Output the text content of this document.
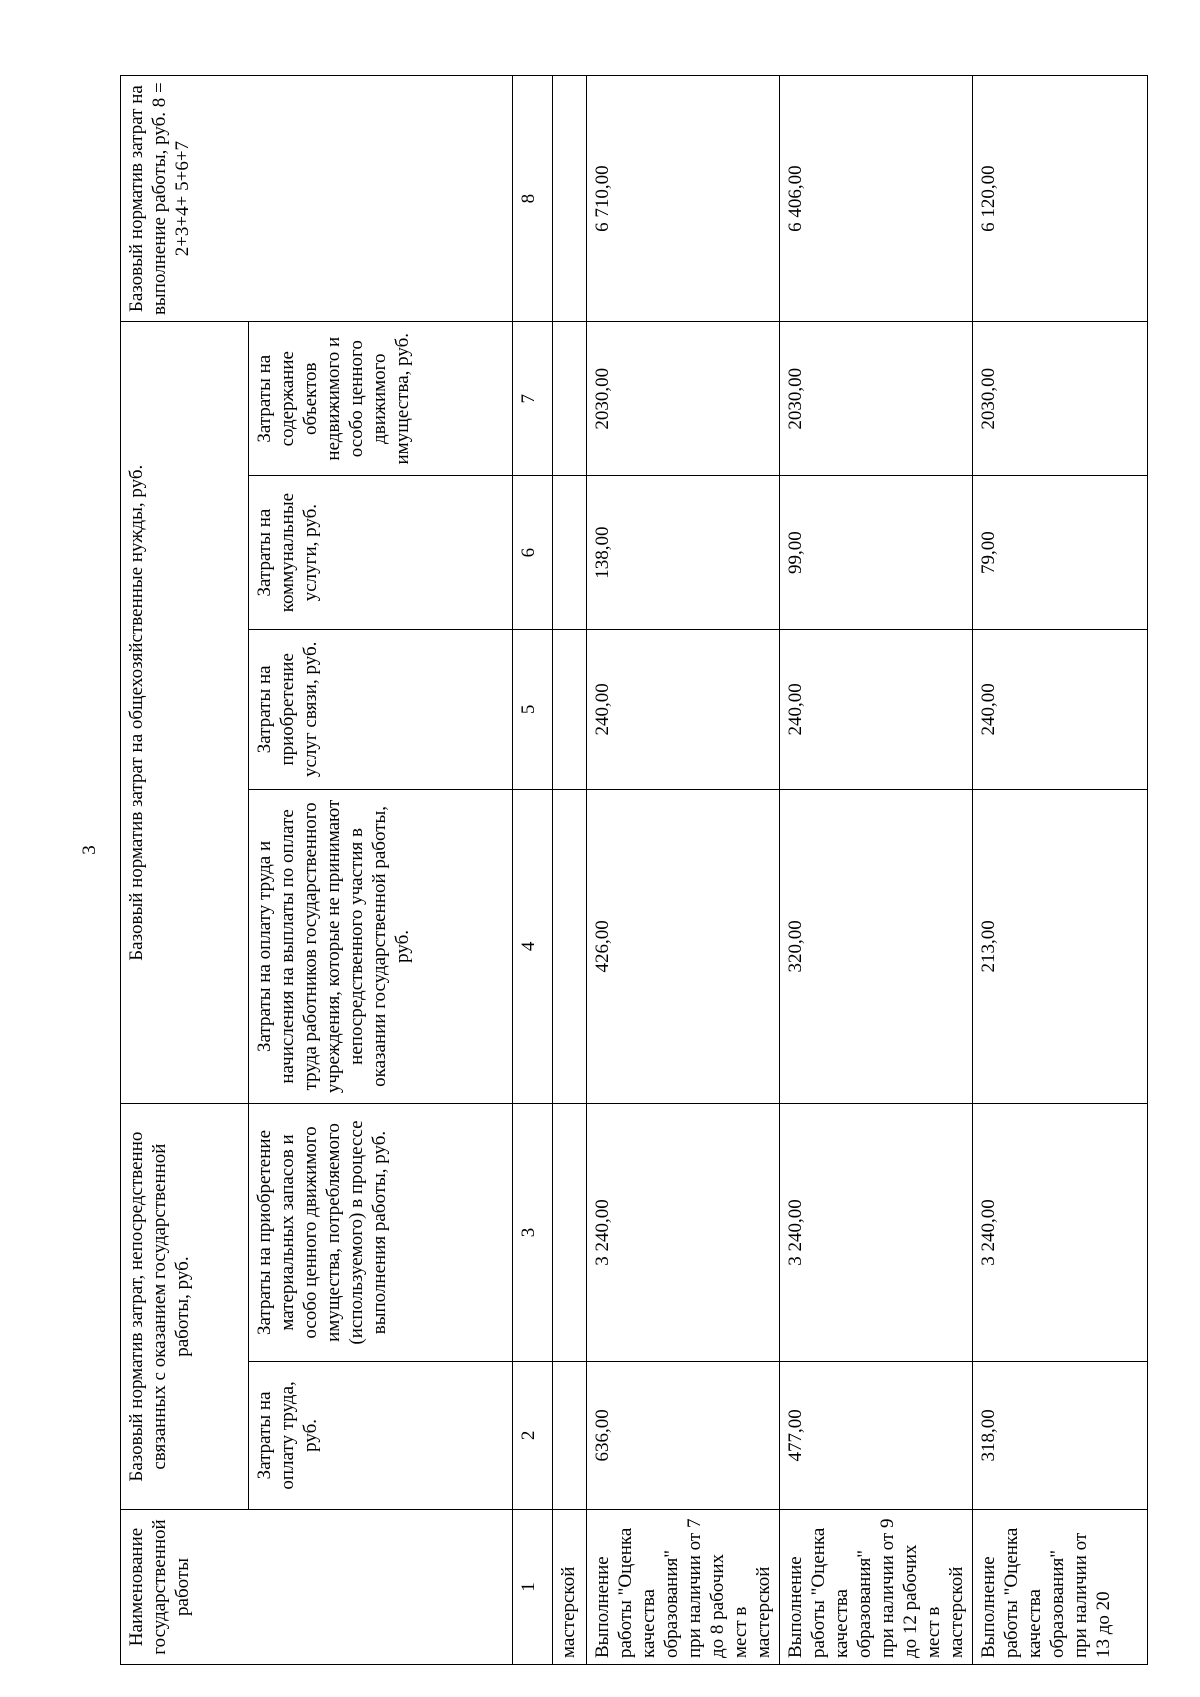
3
Наименование государственной работы	Базовый норматив затрат, непосредственно связанных с оказанием государственной работы, руб.		Базовый норматив затрат на общехозяйственные нужды, руб.				Базовый норматив затрат на выполнение работы, руб. 8 = 2+3+4+ 5+6+7
	Затраты на оплату труда, руб.	Затраты на приобретение материальных запасов и особо ценного движимого имущества, потребляемого (используемого) в процессе выполнения работы, руб.	Затраты на оплату труда и начисления на выплаты по оплате труда работников государственного учреждения, которые не принимают непосредственного участия в оказании государственной работы, руб.	Затраты на приобретение услуг связи, руб.	Затраты на коммунальные услуги, руб.	Затраты на содержание объектов недвижимого и особо ценного движимого имущества, руб.	
1	2	3	4	5	6	7	8
мастерской							
Выполнение работы "Оценка качества образования" при наличии от 7 до 8 рабочих мест в мастерской	636,00	3 240,00	426,00	240,00	138,00	2030,00	6 710,00
Выполнение работы "Оценка качества образования" при наличии от 9 до 12 рабочих мест в мастерской	477,00	3 240,00	320,00	240,00	99,00	2030,00	6 406,00
Выполнение работы "Оценка качества образования" при наличии от 13 до 20	318,00	3 240,00	213,00	240,00	79,00	2030,00	6 120,00
